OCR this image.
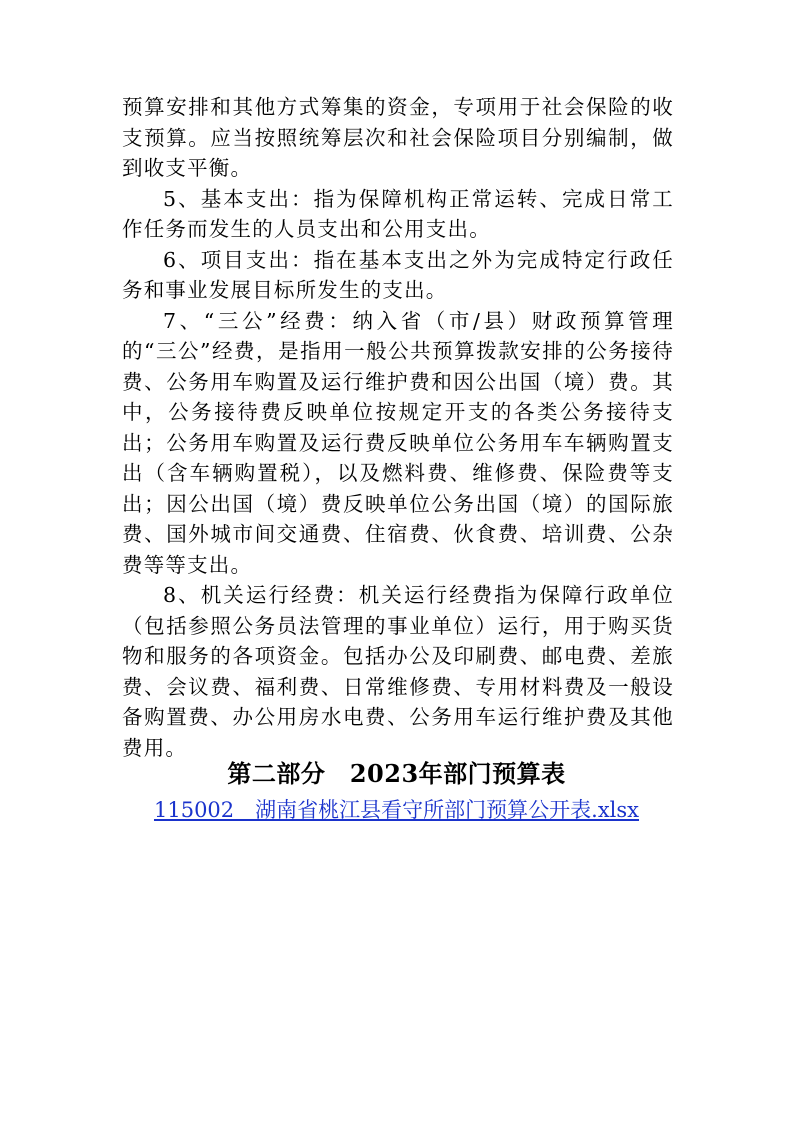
预算安排和其他方式筹集的资金，专项用于社会保险的收支预算。应当按照统筹层次和社会保险项目分别编制，做到收支平衡。

5、基本支出：指为保障机构正常运转、完成日常工作任务而发生的人员支出和公用支出。

6、项目支出：指在基本支出之外为完成特定行政任务和事业发展目标所发生的支出。

7、“三公”经费：纳入省（市/县）财政预算管理的“三公”经费，是指用一般公共预算拨款安排的公务接待费、公务用车购置及运行维护费和因公出国（境）费。其中，公务接待费反映单位按规定开支的各类公务接待支出；公务用车购置及运行费反映单位公务用车车辆购置支出（含车辆购置税），以及燃料费、维修费、保险费等支出；因公出国（境）费反映单位公务出国（境）的国际旅费、国外城市间交通费、住宿费、伙食费、培训费、公杂费等等支出。

8、机关运行经费：机关运行经费指为保障行政单位（包括参照公务员法管理的事业单位）运行，用于购买货物和服务的各项资金。包括办公及印刷费、邮电费、差旅费、会议费、福利费、日常维修费、专用材料费及一般设备购置费、办公用房水电费、公务用车运行维护费及其他费用。

第二部分　2023年部门预算表
115002　湖南省桃江县看守所部门预算公开表.xlsx
